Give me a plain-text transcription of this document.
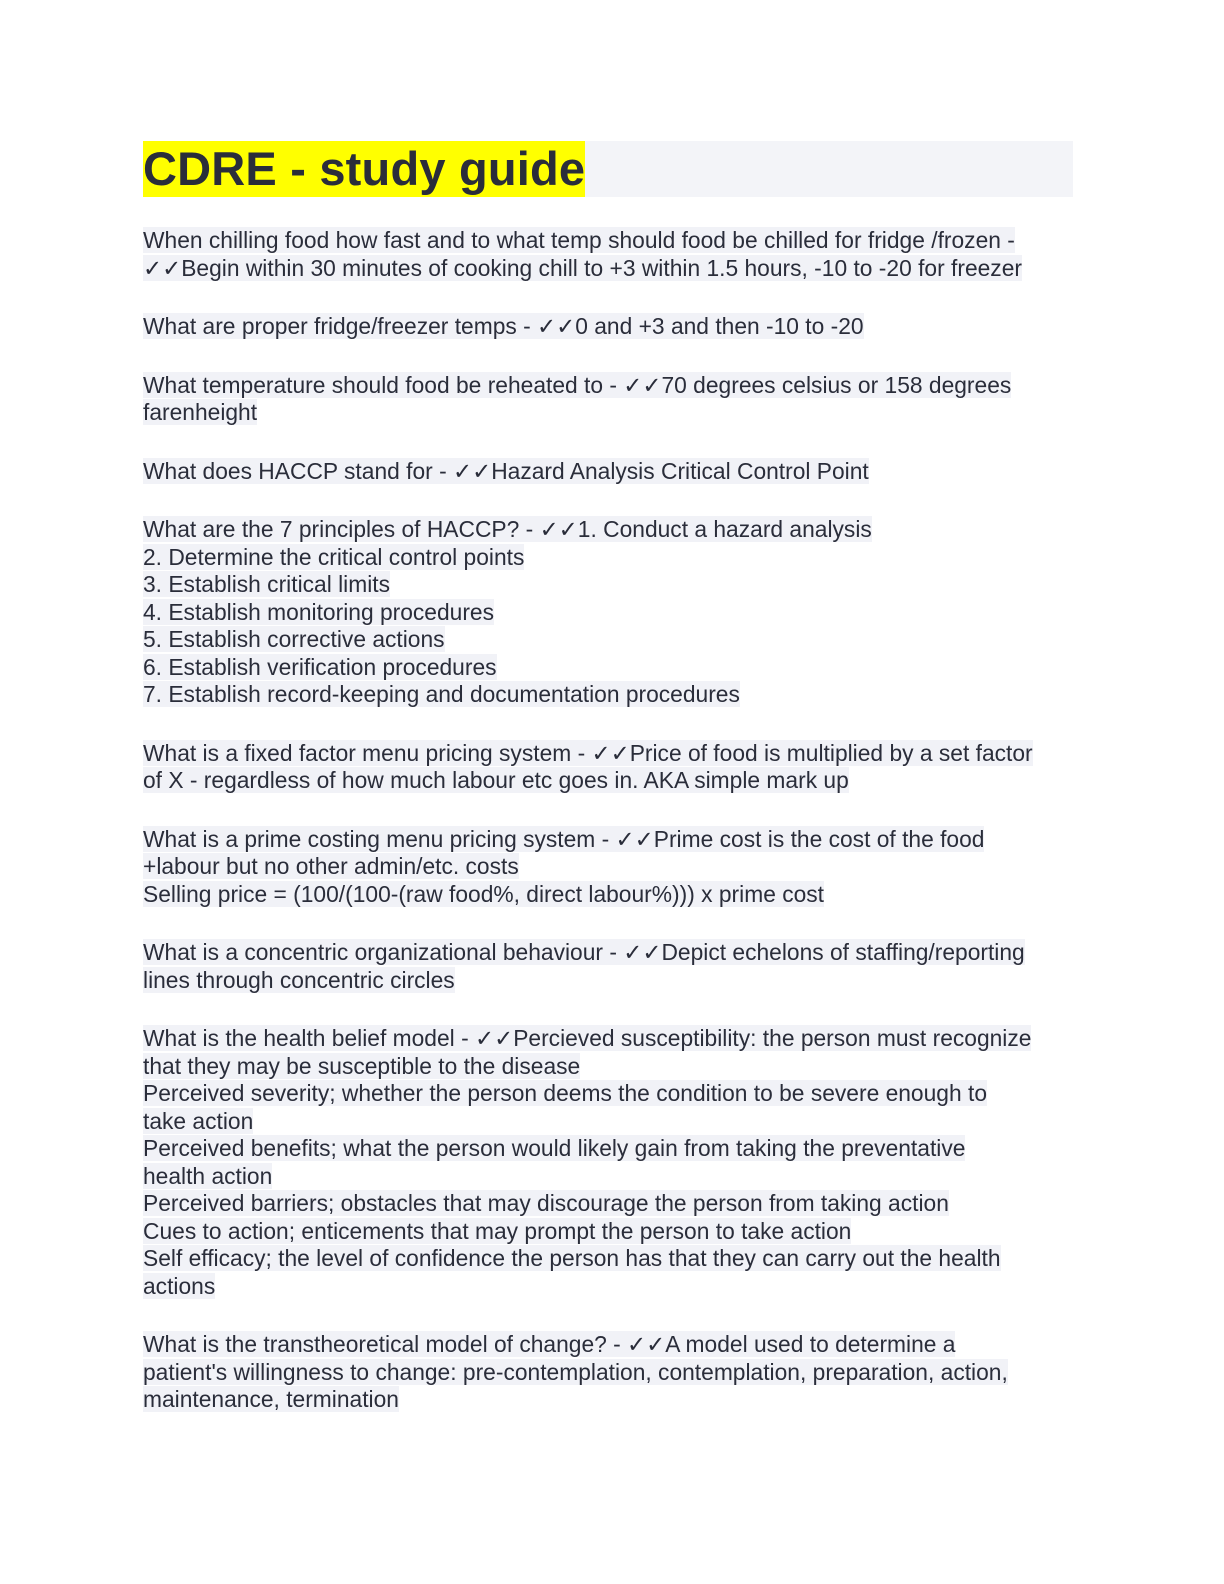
CDRE - study guide
When chilling food how fast and to what temp should food be chilled for fridge /frozen -
✓✓Begin within 30 minutes of cooking chill to +3 within 1.5 hours, -10 to -20 for freezer
What are proper fridge/freezer temps - ✓✓0 and +3 and then -10 to -20
What temperature should food be reheated to - ✓✓70 degrees celsius or 158 degrees
farenheight
What does HACCP stand for - ✓✓Hazard Analysis Critical Control Point
What are the 7 principles of HACCP? - ✓✓1. Conduct a hazard analysis
2. Determine the critical control points
3. Establish critical limits
4. Establish monitoring procedures
5. Establish corrective actions
6. Establish verification procedures
7. Establish record-keeping and documentation procedures
What is a fixed factor menu pricing system - ✓✓Price of food is multiplied by a set factor
of X - regardless of how much labour etc goes in. AKA simple mark up
What is a prime costing menu pricing system - ✓✓Prime cost is the cost of the food
+labour but no other admin/etc. costs
Selling price = (100/(100-(raw food%, direct labour%))) x prime cost
What is a concentric organizational behaviour - ✓✓Depict echelons of staffing/reporting
lines through concentric circles
What is the health belief model - ✓✓Percieved susceptibility: the person must recognize
that they may be susceptible to the disease
Perceived severity; whether the person deems the condition to be severe enough to
take action
Perceived benefits; what the person would likely gain from taking the preventative
health action
Perceived barriers; obstacles that may discourage the person from taking action
Cues to action; enticements that may prompt the person to take action
Self efficacy; the level of confidence the person has that they can carry out the health
actions
What is the transtheoretical model of change? - ✓✓A model used to determine a
patient's willingness to change: pre-contemplation, contemplation, preparation, action,
maintenance, termination
